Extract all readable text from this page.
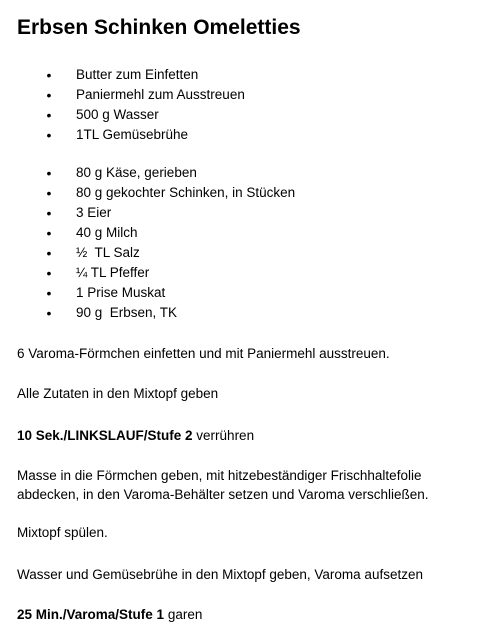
Erbsen Schinken Omeletties
• Butter zum Einfetten
• Paniermehl zum Ausstreuen
• 500 g Wasser
• 1TL Gemüsebrühe
• 80 g Käse, gerieben
• 80 g gekochter Schinken, in Stücken
• 3 Eier
• 40 g Milch
• ½  TL Salz
• ¼ TL Pfeffer
• 1 Prise Muskat
• 90 g  Erbsen, TK

6 Varoma-Förmchen einfetten und mit Paniermehl ausstreuen.

Alle Zutaten in den Mixtopf geben

10 Sek./LINKSLAUF/Stufe 2 verrühren

Masse in die Förmchen geben, mit hitzebeständiger Frischhaltefolie
abdecken, in den Varoma-Behälter setzen und Varoma verschließen.

Mixtopf spülen.

Wasser und Gemüsebrühe in den Mixtopf geben, Varoma aufsetzen

25 Min./Varoma/Stufe 1 garen
